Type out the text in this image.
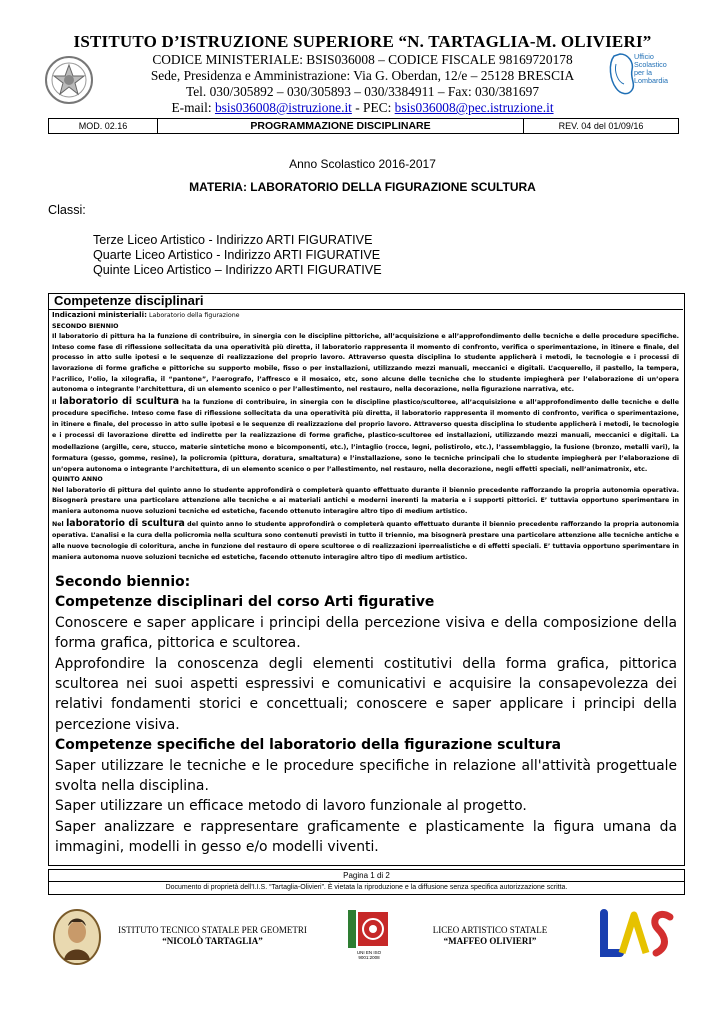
ISTITUTO D’ISTRUZIONE SUPERIORE “N. TARTAGLIA-M. OLIVIERI”
CODICE MINISTERIALE: BSIS036008 – CODICE FISCALE 98169720178
Sede, Presidenza e Amministrazione: Via G. Oberdan, 12/e – 25128 BRESCIA
Tel. 030/305892 – 030/305893 – 030/3384911 – Fax: 030/381697
E-mail: bsis036008@istruzione.it - PEC: bsis036008@pec.istruzione.it
Ufficio
Scolastico
per la
Lombardia
MOD. 02.16	PROGRAMMAZIONE DISCIPLINARE	REV. 04 del 01/09/16
Anno Scolastico 2016-2017
MATERIA: LABORATORIO DELLA FIGURAZIONE SCULTURA
Classi:
Terze Liceo Artistico - Indirizzo ARTI FIGURATIVE
Quarte Liceo Artistico - Indirizzo ARTI FIGURATIVE
Quinte Liceo Artistico – Indirizzo ARTI FIGURATIVE
Competenze disciplinari

Indicazioni ministeriali: Laboratorio della figurazione

SECONDO BIENNIO

Il laboratorio di pittura ha la funzione di contribuire, in sinergia con le discipline pittoriche, all’acquisizione e all’approfondimento delle tecniche e delle procedure specifiche. Inteso come fase di riflessione sollecitata da una operatività più diretta, il laboratorio rappresenta il momento di confronto, verifica o sperimentazione, in itinere e finale, del processo in atto sulle ipotesi e le sequenze di realizzazione del proprio lavoro. Attraverso questa disciplina lo studente applicherà i metodi, le tecnologie e i processi di lavorazione di forme grafiche e pittoriche su supporto mobile, fisso o per installazioni, utilizzando mezzi manuali, meccanici e digitali. L’acquerello, il pastello, la tempera, l’acrilico, l’olio, la xilografia, il “pantone”, l’aerografo, l’affresco e il mosaico, etc, sono alcune delle tecniche che lo studente impiegherà per l’elaborazione di un’opera autonoma o integrante l’architettura, di un elemento scenico o per l’allestimento, nel restauro, nella decorazione, nella figurazione narrativa, etc.

Il laboratorio di scultura ha la funzione di contribuire, in sinergia con le discipline plastico/scultoree, all’acquisizione e all’approfondimento delle tecniche e delle procedure specifiche. Inteso come fase di riflessione sollecitata da una operatività più diretta, il laboratorio rappresenta il momento di confronto, verifica o sperimentazione, in itinere e finale, del processo in atto sulle ipotesi e le sequenze di realizzazione del proprio lavoro. Attraverso questa disciplina lo studente applicherà i metodi, le tecnologie e i processi di lavorazione dirette ed indirette per la realizzazione di forme grafiche, plastico-scultoree ed installazioni, utilizzando mezzi manuali, meccanici e digitali. La modellazione (argille, cere, stucco, materie sintetiche mono e bicomponenti, etc.), l’intaglio (rocce, legni, polistirolo, etc.), l’assemblaggio, la fusione (bronzo, metalli vari), la formatura (gesso, gomme, resine), la policromia (pittura, doratura, smaltatura) e l’installazione, sono le tecniche principali che lo studente impiegherà per l’elaborazione di un’opera autonoma o integrante l’architettura, di un elemento scenico o per l’allestimento, nel restauro, nella decorazione, negli effetti speciali, nell’animatronix, etc.

QUINTO ANNO

Nel laboratorio di pittura del quinto anno lo studente approfondirà o completerà quanto effettuato durante il biennio precedente rafforzando la propria autonomia operativa. Bisognerà prestare una particolare attenzione alle tecniche e ai materiali antichi e moderni inerenti la materia e i supporti pittorici. E’ tuttavia opportuno sperimentare in maniera autonoma nuove soluzioni tecniche ed estetiche, facendo ottenuto interagire altro tipo di medium artistico.

Nel laboratorio di scultura del quinto anno lo studente approfondirà o completerà quanto effettuato durante il biennio precedente rafforzando la propria autonomia operativa. L’analisi e la cura della policromia nella scultura sono contenuti previsti in tutto il triennio, ma bisognerà prestare una particolare attenzione alle tecniche antiche e alle nuove tecnologie di coloritura, anche in funzione del restauro di opere scultoree o di realizzazioni iperrealistiche e di effetti speciali. E’ tuttavia opportuno sperimentare in maniera autonoma nuove soluzioni tecniche ed estetiche, facendo ottenuto interagire altro tipo di medium artistico.

Secondo biennio:

Competenze disciplinari del corso Arti figurative

Conoscere e saper applicare i principi della percezione visiva e della composizione della forma grafica, pittorica e scultorea.

Approfondire la conoscenza degli elementi costitutivi della forma grafica, pittorica scultorea nei suoi aspetti espressivi e comunicativi e acquisire la consapevolezza dei relativi fondamenti storici e concettuali; conoscere e saper applicare i principi della percezione visiva.

Competenze specifiche del laboratorio della figurazione scultura

Saper utilizzare le tecniche e le procedure specifiche in relazione all'attività progettuale svolta nella disciplina.

Saper utilizzare un efficace metodo di lavoro funzionale al progetto.

Saper analizzare e rappresentare graficamente e plasticamente la figura umana da immagini, modelli in gesso e/o modelli viventi.

Pagina 1 di 2
Documento di proprietà dell’I.I.S. “Tartaglia-Olivieri”. È vietata la riproduzione e la diffusione senza specifica autorizzazione scritta.
ISTITUTO TECNICO STATALE PER GEOMETRI
“NICOLÒ TARTAGLIA”
UNI EN ISO 9001:2008
LICEO ARTISTICO STATALE
“MAFFEO OLIVIERI”
